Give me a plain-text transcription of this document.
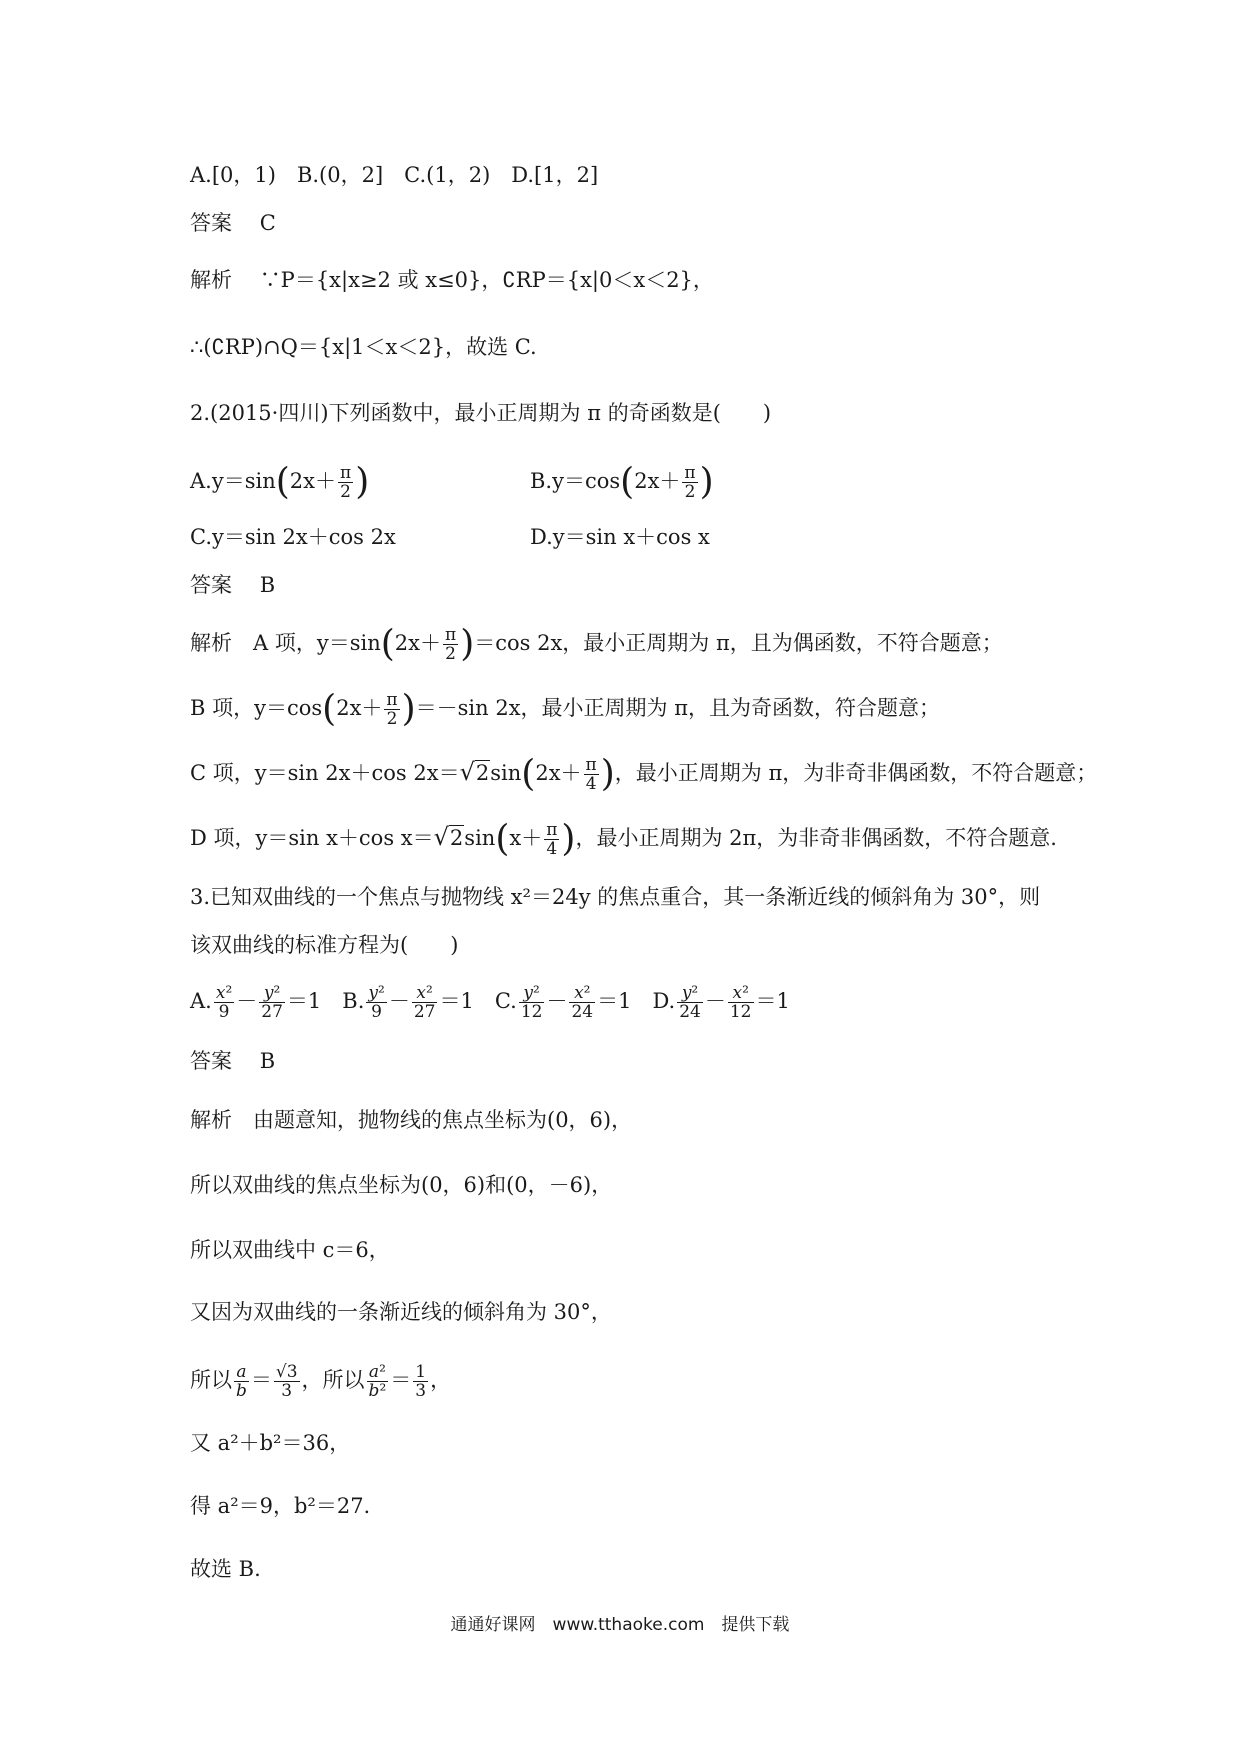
A.[0，1)　B.(0，2]　C.(1，2)　D.[1，2]
答案　 C
解析　 ∵P＝{x|x≥2 或 x≤0}，∁RP＝{x|0＜x＜2}，
∴(∁RP)∩Q＝{x|1＜x＜2}，故选 C.
2.(2015·四川)下列函数中，最小正周期为 π 的奇函数是(　　)
$A.y=\sin(2x+ \frac{\pi}{2}$ )	$B.y=\cos(2x+ \frac{\pi}{2}$ )
C.y＝sin 2x＋cos 2x	D.y＝sin x＋cos x
答案　 B
解析　 A 项，$y=\sin(2x+ \frac{\pi}{2} )=\cos$ 2x，最小正周期为 π，且为偶函数，不符合题意；
B 项，$y=\cos(2x+ \frac{\pi}{2} )=-\sin$ 2x，最小正周期为 π，且为奇函数，符合题意；
C 项，y＝sin 2x＋cos $2x=√2\sin(2x+ \frac{\pi}{4}$ )，最小正周期为 π，为非奇非偶函数，不符合题意；
D 项，y＝sin x＋cos $x=√2\sin(x+ \frac{\pi}{4}$ )，最小正周期为 2π，为非奇非偶函数，不符合题意.
3.已知双曲线的一个焦点与抛物线 x²＝24y 的焦点重合，其一条渐近线的倾斜角为 30°，则
该双曲线的标准方程为(　　)
A. $\frac{\text{x²}}{9} - \frac{\text{y²}}{27} =1$　B. $\frac{\text{y²}}{9} - \frac{\text{x²}}{27} =1$　C. $\frac{\text{y²}}{12} - \frac{\text{x²}}{24} =1$　D. $\frac{\text{y²}}{24} - \frac{\text{x²}}{12} =1$
答案　 B
解析　 由题意知，抛物线的焦点坐标为(0，6)，
所以双曲线的焦点坐标为(0，6)和(0，－6)，
所以双曲线中 c＝6，
又因为双曲线的一条渐近线的倾斜角为 30°，
所以 $\frac{a}{b} = \frac{√3}{3}$ ，所以 $\frac{\text{a²}}{\text{b²}} = \frac{1}{3}$ ，
又 a²＋b²＝36，
得 a²＝9，b²＝27.
故选 B.
通通好课网　www.tthaoke.com　提供下载
